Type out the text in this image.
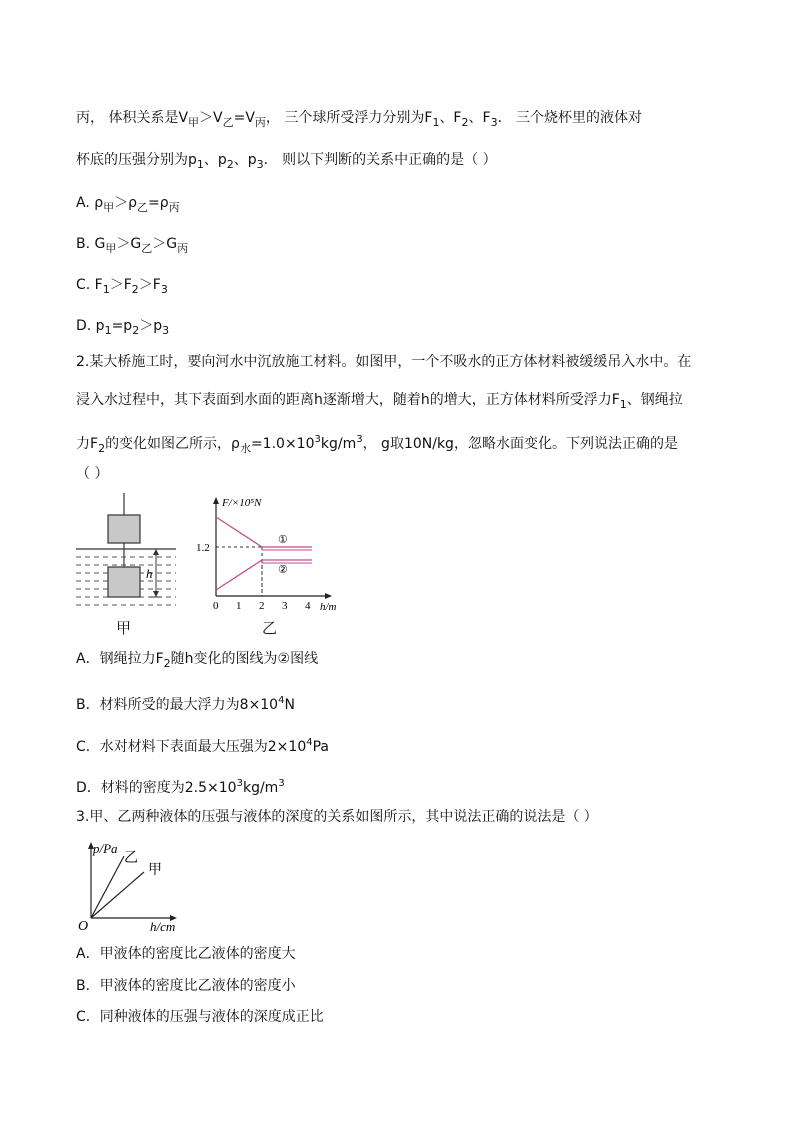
丙， 体积关系是$V_甲>V_乙=V_丙$， 三个球所受浮力分别为$F_1$、$F_2$、$F_3$． 三个烧杯里的液体对
杯底的压强分别为$p_1$、$p_2$、$p_3$． 则以下判断的关系中正确的是（ ）
A. $\rho_甲>\rho_乙=\rho_丙$
B. $G_甲>G_乙>G_丙$
C. $F_1>F_2>F_3$
D. $p_1=p_2>p_3$
2.某大桥施工时，要向河水中沉放施工材料。如图甲，一个不吸水的正方体材料被缓缓吊入水中。在
浸入水过程中，其下表面到水面的距离h逐渐增大，随着h的增大，正方体材料所受浮力$F_1$、钢绳拉
力$F_2$的变化如图乙所示，$\rho_水=1.0\times 10^3kg/m^3$， g取10N/kg，忽略水面变化。下列说法正确的是
（ ）
h
甲
F/×10⁵N
h/m
1.2
0 1 2 3 4
①
②
乙
A．钢绳拉力$F_2$随h变化的图线为②图线
B．材料所受的最大浮力为$8\times 10^4N$
C．水对材料下表面最大压强为$2\times 10^4Pa$
D．材料的密度为$2.5\times 10^3kg/m^3$
3.甲、乙两种液体的压强与液体的深度的关系如图所示，其中说法正确的说法是（ ）
p/Pa
h/cm
O
乙
甲
A．甲液体的密度比乙液体的密度大
B．甲液体的密度比乙液体的密度小
C．同种液体的压强与液体的深度成正比
